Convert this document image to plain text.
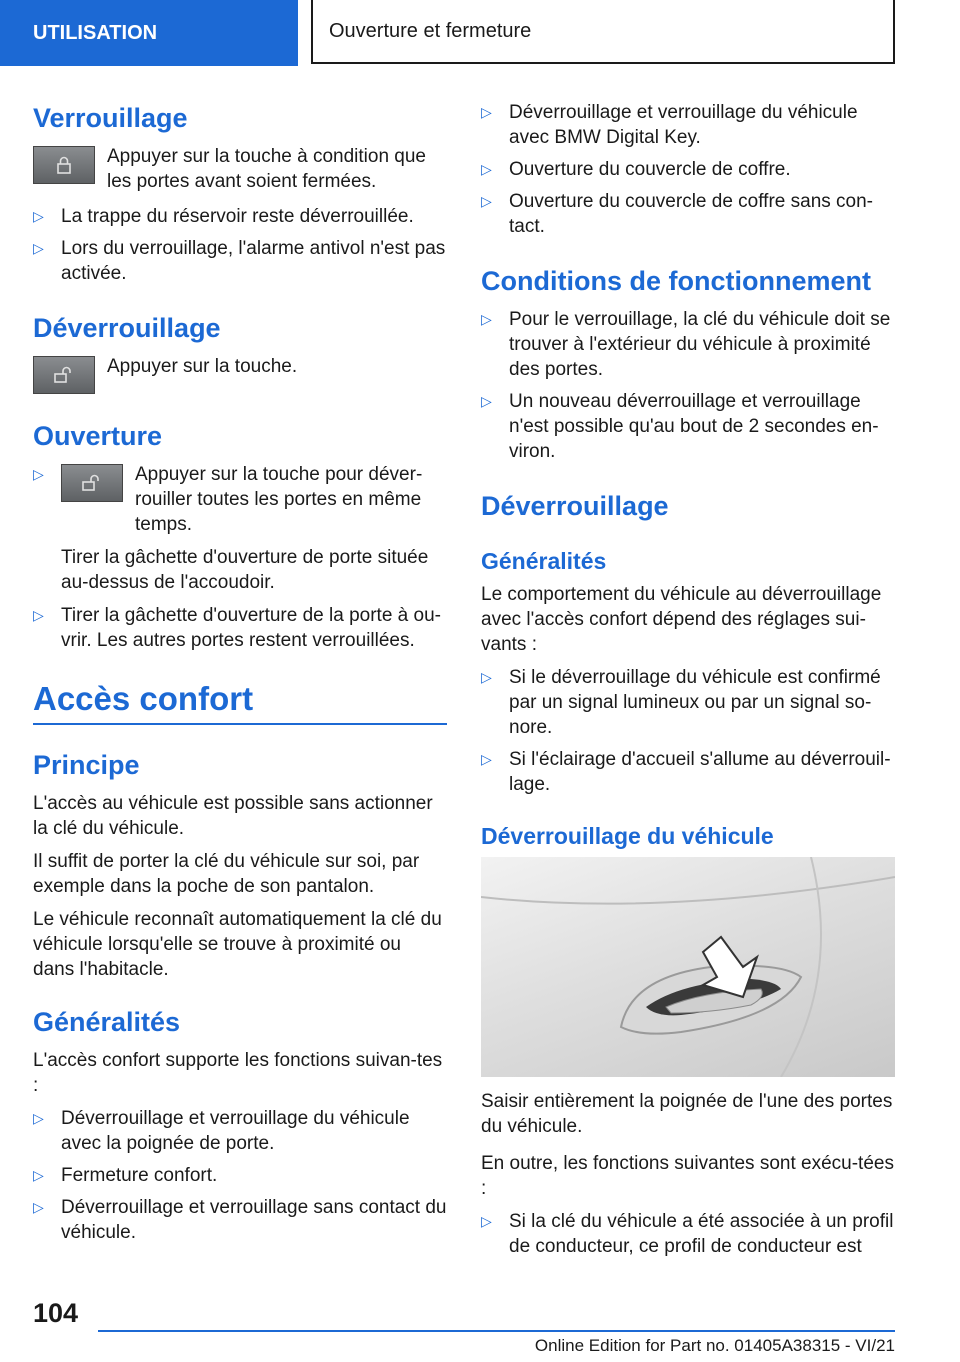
UTILISATION	Ouverture et fermeture
Verrouillage

Appuyer sur la touche à condition que les portes avant soient fermées.

▷ La trappe du réservoir reste déverrouillée.
▷ Lors du verrouillage, l'alarme antivol n'est pas activée.
Déverrouillage

Appuyer sur la touche.

Ouverture
▷	Appuyer sur la touche pour déver-rouiller toutes les portes en même temps.

Tirer la gâchette d'ouverture de porte située au-dessus de l'accoudoir.

▷ Tirer la gâchette d'ouverture de la porte à ou-vrir. Les autres portes restent verrouillées.
Accès confort
Principe

L'accès au véhicule est possible sans actionner la clé du véhicule.

Il suffit de porter la clé du véhicule sur soi, par exemple dans la poche de son pantalon.

Le véhicule reconnaît automatiquement la clé du véhicule lorsqu'elle se trouve à proximité ou dans l'habitacle.

Généralités

L'accès confort supporte les fonctions suivan-tes :

▷ Déverrouillage et verrouillage du véhicule avec la poignée de porte.
▷ Fermeture confort.
▷ Déverrouillage et verrouillage sans contact du véhicule.
▷ Déverrouillage et verrouillage du véhicule avec BMW Digital Key.
▷ Ouverture du couvercle de coffre.
▷ Ouverture du couvercle de coffre sans con-tact.
Conditions de fonctionnement
▷ Pour le verrouillage, la clé du véhicule doit se trouver à l'extérieur du véhicule à proximité des portes.
▷ Un nouveau déverrouillage et verrouillage n'est possible qu'au bout de 2 secondes en-viron.
Déverrouillage
Généralités

Le comportement du véhicule au déverrouillage avec l'accès confort dépend des réglages sui-vants :

▷ Si le déverrouillage du véhicule est confirmé par un signal lumineux ou par un signal so-nore.
▷ Si l'éclairage d'accueil s'allume au déverrouil-lage.
Déverrouillage du véhicule

Saisir entièrement la poignée de l'une des portes du véhicule.

En outre, les fonctions suivantes sont exécu-tées :

▷ Si la clé du véhicule a été associée à un profil de conducteur, ce profil de conducteur est
104
Online Edition for Part no. 01405A38315 - VI/21
